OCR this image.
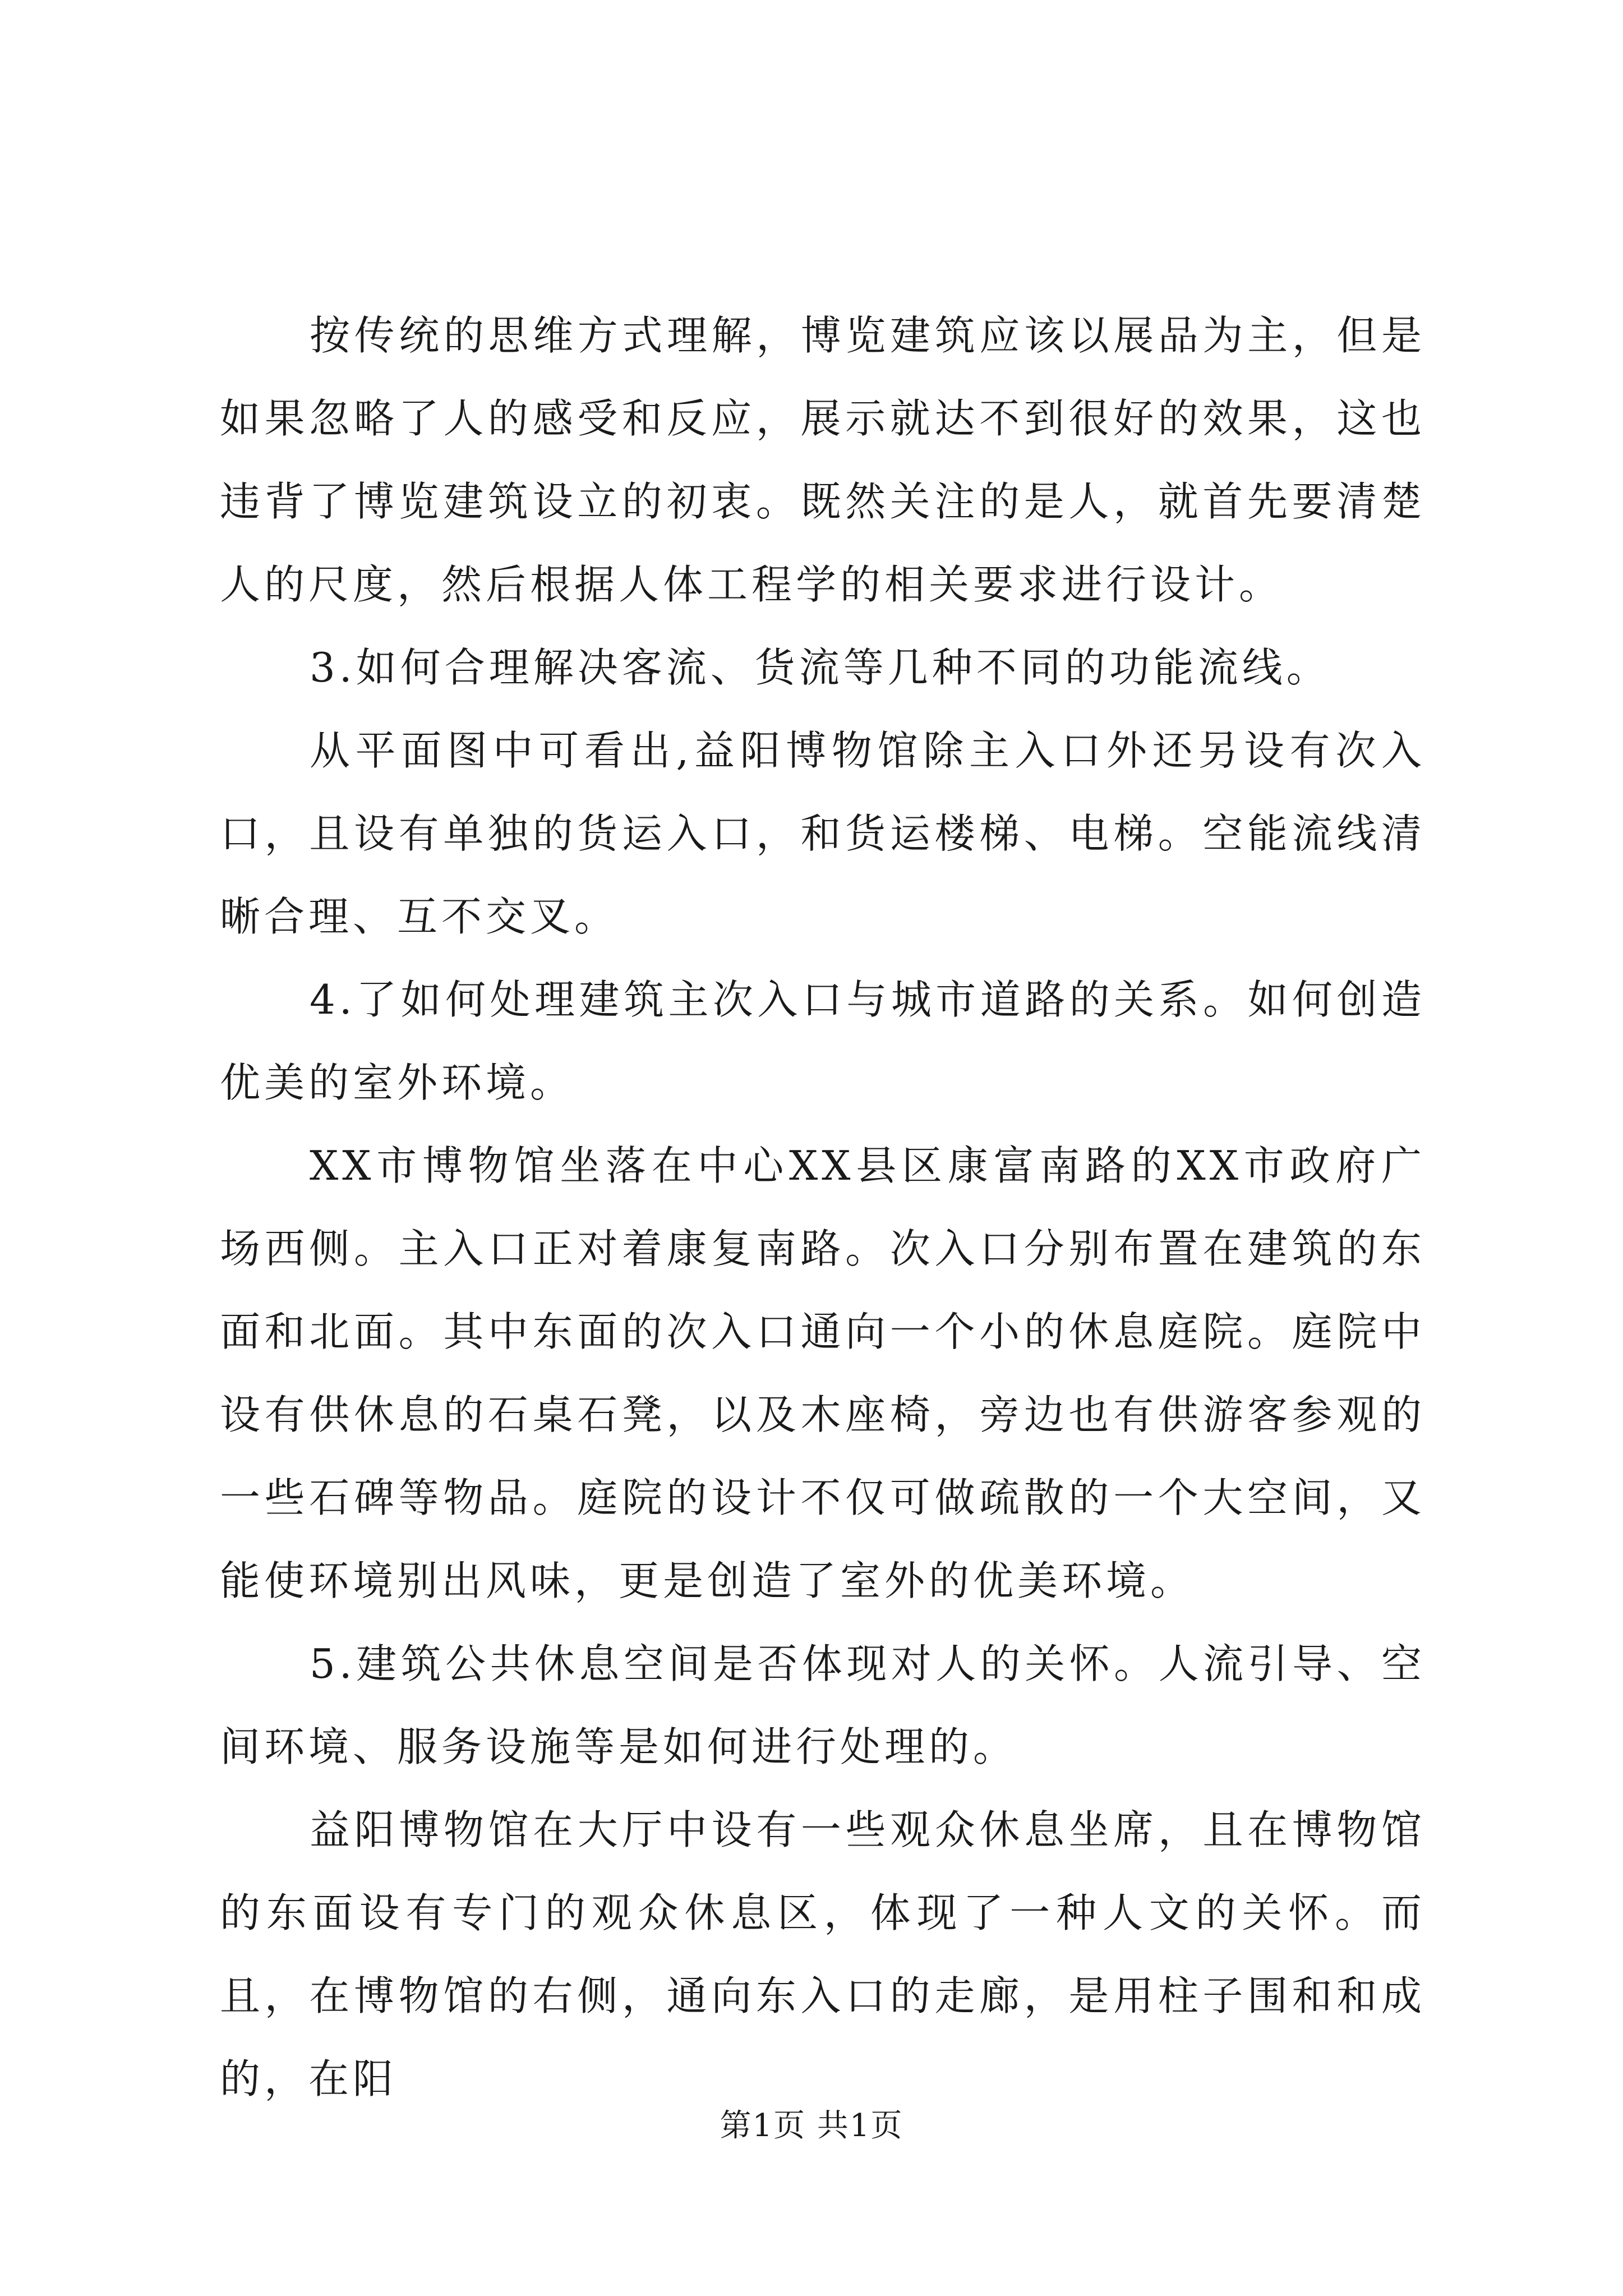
按传统的思维方式理解，博览建筑应该以展品为主，但是如果忽略了人的感受和反应，展示就达不到很好的效果，这也违背了博览建筑设立的初衷。既然关注的是人，就首先要清楚人的尺度，然后根据人体工程学的相关要求进行设计。

3.如何合理解决客流、货流等几种不同的功能流线。

从平面图中可看出,益阳博物馆除主入口外还另设有次入口，且设有单独的货运入口，和货运楼梯、电梯。空能流线清晰合理、互不交叉。

4.了如何处理建筑主次入口与城市道路的关系。如何创造优美的室外环境。

XX市博物馆坐落在中心XX县区康富南路的XX市政府广场西侧。主入口正对着康复南路。次入口分别布置在建筑的东面和北面。其中东面的次入口通向一个小的休息庭院。庭院中设有供休息的石桌石凳，以及木座椅，旁边也有供游客参观的一些石碑等物品。庭院的设计不仅可做疏散的一个大空间，又能使环境别出风味，更是创造了室外的优美环境。

5.建筑公共休息空间是否体现对人的关怀。人流引导、空间环境、服务设施等是如何进行处理的。

益阳博物馆在大厅中设有一些观众休息坐席，且在博物馆的东面设有专门的观众休息区，体现了一种人文的关怀。而且，在博物馆的右侧，通向东入口的走廊，是用柱子围和和成的，在阳

第1页 共1页
